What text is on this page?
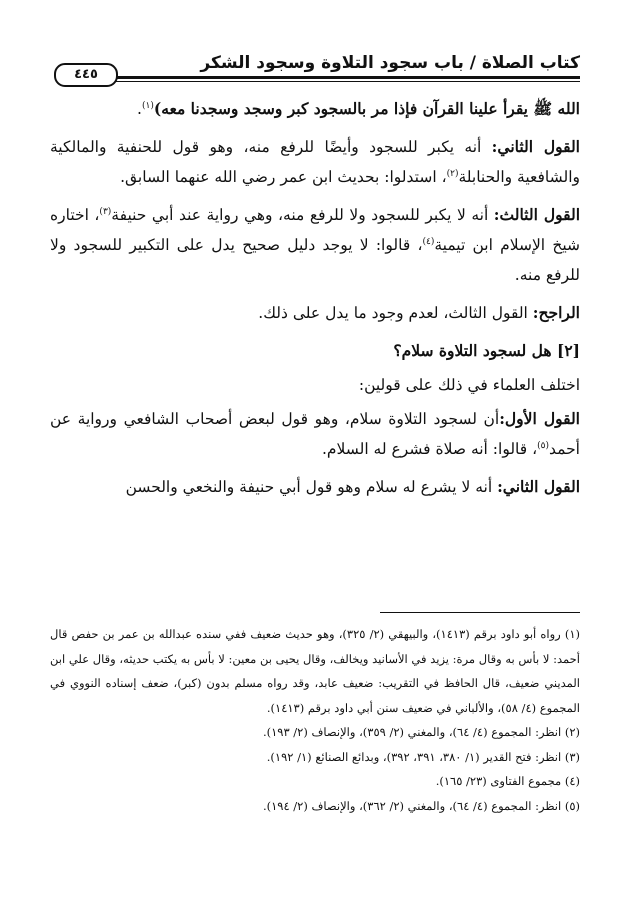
كتاب الصلاة / باب سجود التلاوة وسجود الشكر
٤٤٥

الله ﷺ يقرأ علينا القرآن فإذا مر بالسجود كبر وسجد وسجدنا معه)$^{(١)}$.

القول الثاني: أنه يكبر للسجود وأيضًا للرفع منه، وهو قول للحنفية والمالكية والشافعية والحنابلة$^{(٢)}$، استدلوا: بحديث ابن عمر رضي الله عنهما السابق.

القول الثالث: أنه لا يكبر للسجود ولا للرفع منه، وهي رواية عند أبي حنيفة$^{(٣)}$، اختاره شيخ الإسلام ابن تيمية$^{(٤)}$، قالوا: لا يوجد دليل صحيح يدل على التكبير للسجود ولا للرفع منه.

الراجح: القول الثالث، لعدم وجود ما يدل على ذلك.

[٢] هل لسجود التلاوة سلام؟

اختلف العلماء في ذلك على قولين:

القول الأول:أن لسجود التلاوة سلام، وهو قول لبعض أصحاب الشافعي ورواية عن أحمد$^{(٥)}$، قالوا: أنه صلاة فشرع له السلام.

القول الثاني: أنه لا يشرع له سلام وهو قول أبي حنيفة والنخعي والحسن

(١) رواه أبو داود برقم (١٤١٣)، والبيهقي (٢/ ٣٢٥)، وهو حديث ضعيف ففي سنده عبدالله بن عمر بن حفص قال أحمد: لا بأس به وقال مرة: يزيد في الأسانيد ويخالف، وقال يحيى بن معين: لا بأس به يكتب حديثه، وقال علي ابن المديني ضعيف، قال الحافظ في التقريب: ضعيف عابد، وقد رواه مسلم بدون (كبر)، ضعف إسناده النووي في المجموع (٤/ ٥٨)، والألباني في ضعيف سنن أبي داود برقم (١٤١٣).

(٢) انظر: المجموع (٤/ ٦٤)، والمغني (٢/ ٣٥٩)، والإنصاف (٢/ ١٩٣).

(٣) انظر: فتح القدير (١/ ٣٨٠، ٣٩١، ٣٩٢)، وبدائع الصنائع (١/ ١٩٢).

(٤) مجموع الفتاوى (٢٣/ ١٦٥).

(٥) انظر: المجموع (٤/ ٦٤)، والمغني (٢/ ٣٦٢)، والإنصاف (٢/ ١٩٤).
